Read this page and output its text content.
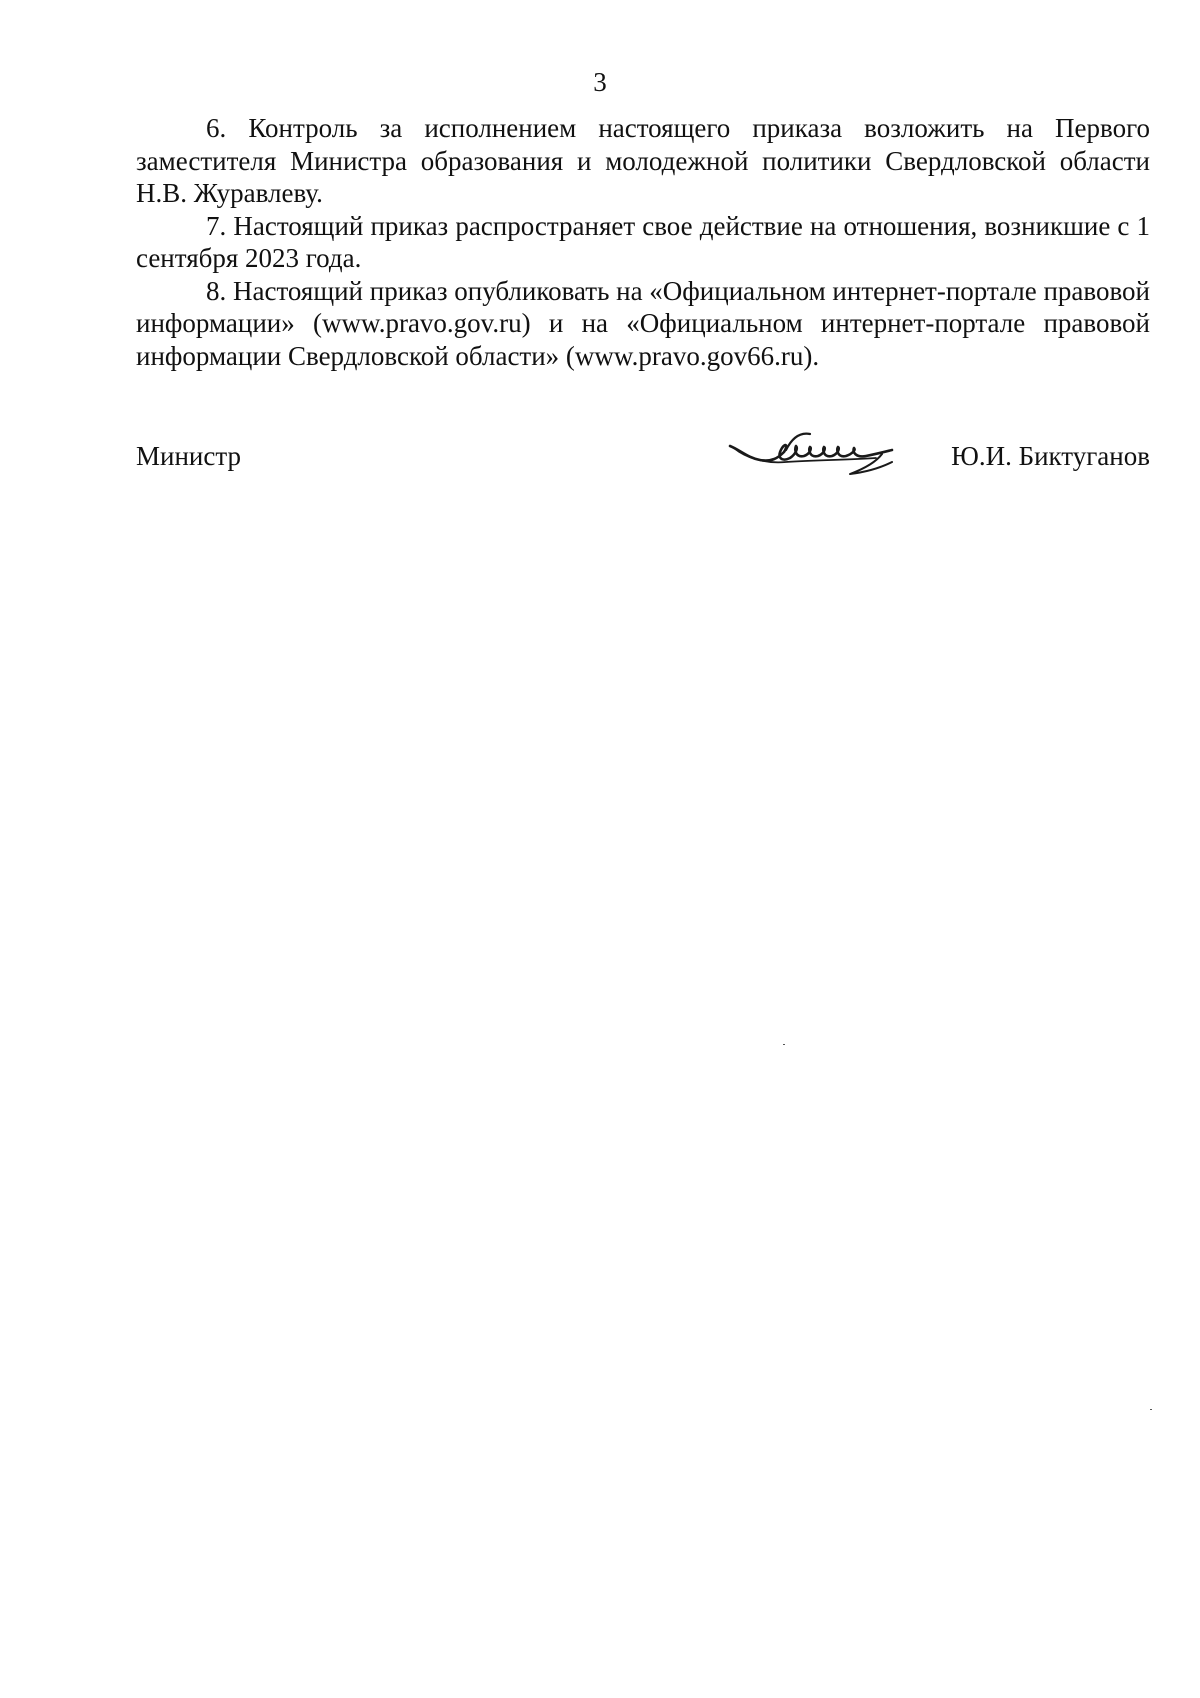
3

6. Контроль за исполнением настоящего приказа возложить на Первого заместителя Министра образования и молодежной политики Свердловской области Н.В. Журавлеву.

7. Настоящий приказ распространяет свое действие на отношения, возникшие с 1 сентября 2023 года.

8. Настоящий приказ опубликовать на «Официальном интернет-портале правовой информации» (www.pravo.gov.ru) и на «Официальном интернет-портале правовой информации Свердловской области» (www.pravo.gov66.ru).

Министр	Ю.И. Биктуганов
